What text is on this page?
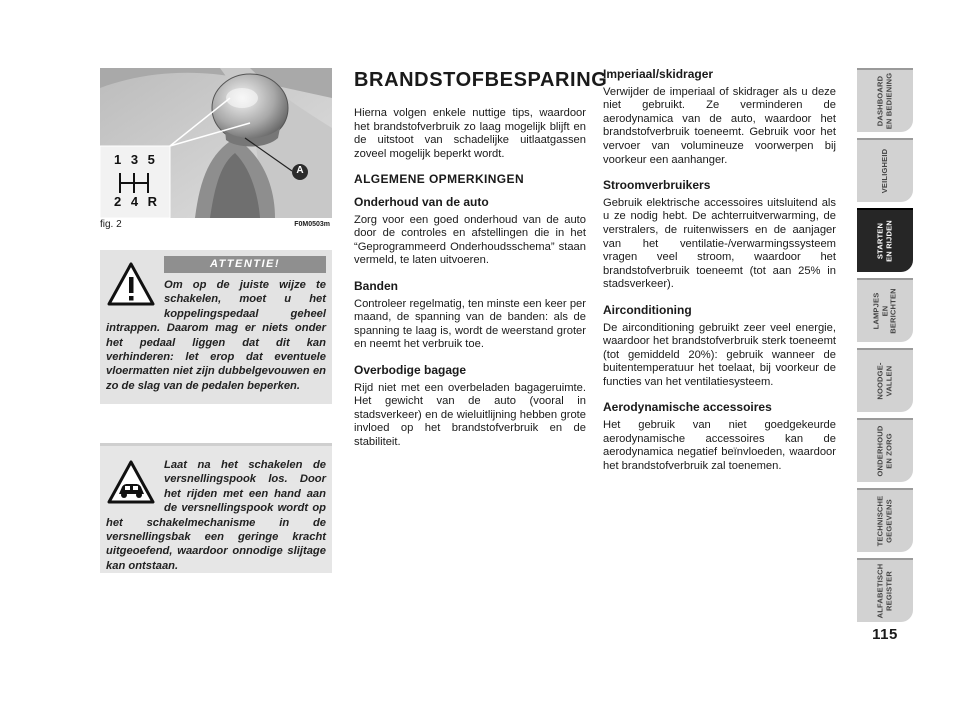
1 3 5
2 4 R
A
fig. 2	F0M0503m
ATTENTIE!

Om op de juiste wijze te schakelen, moet u het koppelingspedaal geheel intrappen. Daarom mag er niets onder het pedaal liggen dat dit kan verhinderen: let erop dat eventuele vloermatten niet zijn dubbelgevouwen en zo de slag van de pedalen beperken.

Laat na het schakelen de versnellingspook los. Door het rijden met een hand aan de versnellingspook wordt op het schakelmechanisme in de versnellingsbak een geringe kracht uitgeoefend, waardoor onnodige slijtage kan ontstaan.

BRANDSTOFBESPARING

Hierna volgen enkele nuttige tips, waardoor het brandstofverbruik zo laag mogelijk blijft en de uitstoot van schadelijke uitlaatgassen zoveel mogelijk beperkt wordt.

ALGEMENE OPMERKINGEN
Onderhoud van de auto

Zorg voor een goed onderhoud van de auto door de controles en afstellingen die in het “Geprogrammeerd Onderhoudsschema” staan vermeld, te laten uitvoeren.

Banden

Controleer regelmatig, ten minste een keer per maand, de spanning van de banden: als de spanning te laag is, wordt de weerstand groter en neemt het verbruik toe.

Overbodige bagage

Rijd niet met een overbeladen bagageruimte. Het gewicht van de auto (vooral in stadsverkeer) en de wieluitlijning hebben grote invloed op het brandstofverbruik en de stabiliteit.

Imperiaal/skidrager

Verwijder de imperiaal of skidrager als u deze niet gebruikt. Ze verminderen de aerodynamica van de auto, waardoor het brandstofverbruik toeneemt. Gebruik voor het vervoer van volumineuze voorwerpen bij voorkeur een aanhanger.

Stroomverbruikers

Gebruik elektrische accessoires uitsluitend als u ze nodig hebt. De achterruitverwarming, de verstralers, de ruitenwissers en de aanjager van het ventilatie-/verwarmingssysteem vragen veel stroom, waardoor het brandstofverbruik toeneemt (tot aan 25% in stadsverkeer).

Airconditioning

De airconditioning gebruikt zeer veel energie, waardoor het brandstofverbruik sterk toeneemt (tot gemiddeld 20%): gebruik wanneer de buitentemperatuur het toelaat, bij voorkeur de functies van het ventilatiesysteem.

Aerodynamische accessoires

Het gebruik van niet goedgekeurde aerodynamische accessoires kan de aerodynamica negatief beïnvloeden, waardoor het brandstofverbruik zal toenemen.

DASHBOARD EN BEDIENING
VEILIGHEID
STARTEN EN RIJDEN
LAMPJES EN BERICHTEN
NOODGE- VALLEN
ONDERHOUD EN ZORG
TECHNISCHE GEGEVENS
ALFABETISCH REGISTER
115
